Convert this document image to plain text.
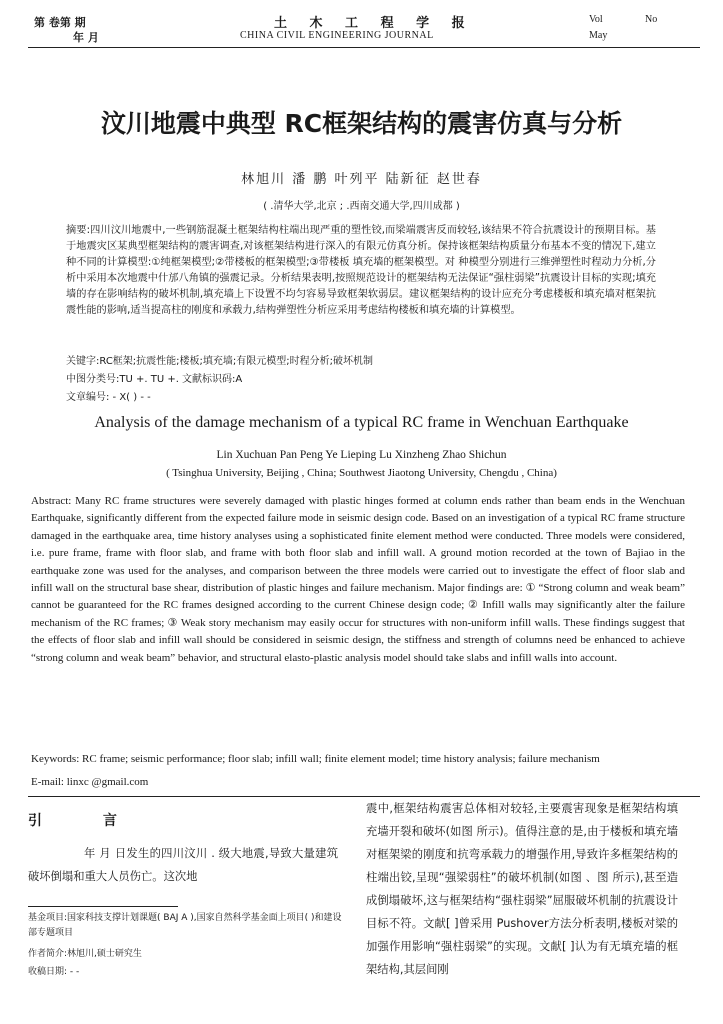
第 卷第 期
年 月
土 木 工 程 学 报
CHINA CIVIL ENGINEERING JOURNAL
Vol	No
May
汶川地震中典型 RC框架结构的震害仿真与分析
林旭川 潘 鹏 叶列平 陆新征 赵世春
( .清华大学,北京 ; .西南交通大学,四川成都 )
摘要:四川汶川地震中,一些钢筋混凝土框架结构柱端出现严重的塑性铰,而梁端震害反而较轻,该结果不符合抗震设计的预期目标。基于地震灾区某典型框架结构的震害调查,对该框架结构进行深入的有限元仿真分析。保持该框架结构质量分布基本不变的情况下,建立 种不同的计算模型:①纯框架模型;②带楼板的框架模型;③带楼板 填充墙的框架模型。对 种模型分别进行三维弹塑性时程动力分析,分析中采用本次地震中什邡八角镇的强震记录。分析结果表明,按照规范设计的框架结构无法保证“强柱弱梁”抗震设计目标的实现;填充墙的存在影响结构的破坏机制,填充墙上下设置不均匀容易导致框架软弱层。建议框架结构的设计应充分考虑楼板和填充墙对框架抗震性能的影响,适当提高柱的刚度和承载力,结构弹塑性分析应采用考虑结构楼板和填充墙的计算模型。
关键字:RC框架;抗震性能;楼板;填充墙;有限元模型;时程分析;破坏机制
中图分类号:TU +. TU +. 文献标识码:A
文章编号: - X( ) - -
Analysis of the damage mechanism of a typical RC frame in Wenchuan Earthquake
Lin Xuchuan Pan Peng Ye Lieping Lu Xinzheng Zhao Shichun
( Tsinghua University, Beijing , China; Southwest Jiaotong University, Chengdu , China)
Abstract: Many RC frame structures were severely damaged with plastic hinges formed at column ends rather than beam ends in the Wenchuan Earthquake, significantly different from the expected failure mode in seismic design code. Based on an investigation of a typical RC frame structure damaged in the earthquake area, time history analyses using a sophisticated finite element method were conducted. Three models were considered, i.e. pure frame, frame with floor slab, and frame with both floor slab and infill wall. A ground motion recorded at the town of Bajiao in the earthquake zone was used for the analyses, and comparison between the three models were carried out to investigate the effect of floor slab and infill wall on the structural base shear, distribution of plastic hinges and failure mechanism. Major findings are: ① “Strong column and weak beam” cannot be guaranteed for the RC frames designed according to the current Chinese design code; ② Infill walls may significantly alter the failure mechanism of the RC frames; ③ Weak story mechanism may easily occur for structures with non-uniform infill walls. These findings suggest that the effects of floor slab and infill wall should be considered in seismic design, the stiffness and strength of columns need be enhanced to achieve “strong column and weak beam” behavior, and structural elasto-plastic analysis model should take slabs and infill walls into account.
Keywords: RC frame; seismic performance; floor slab; infill wall; finite element model; time history analysis; failure mechanism
E-mail: linxc @gmail.com
引 言
年 月 日发生的四川汶川 . 级大地震,导致大量建筑破坏倒塌和重大人员伤亡。这次地
震中,框架结构震害总体相对较轻,主要震害现象是框架结构填充墙开裂和破坏(如图 所示)。值得注意的是,由于楼板和填充墙对框架梁的刚度和抗弯承载力的增强作用,导致许多框架结构的柱端出铰,呈现“强梁弱柱”的破坏机制(如图 、图 所示),甚至造成倒塌破坏,这与框架结构“强柱弱梁”屈服破坏机制的抗震设计目标不符。文献[ ]曾采用 Pushover方法分析表明,楼板对梁的加强作用影响“强柱弱梁”的实现。文献[ ]认为有无填充墙的框架结构,其层间刚
基金项目:国家科技支撑计划课题( BAJ A ),国家自然科学基金面上项目( )和建设部专题项目
作者简介:林旭川,硕士研究生
收稿日期: - -
